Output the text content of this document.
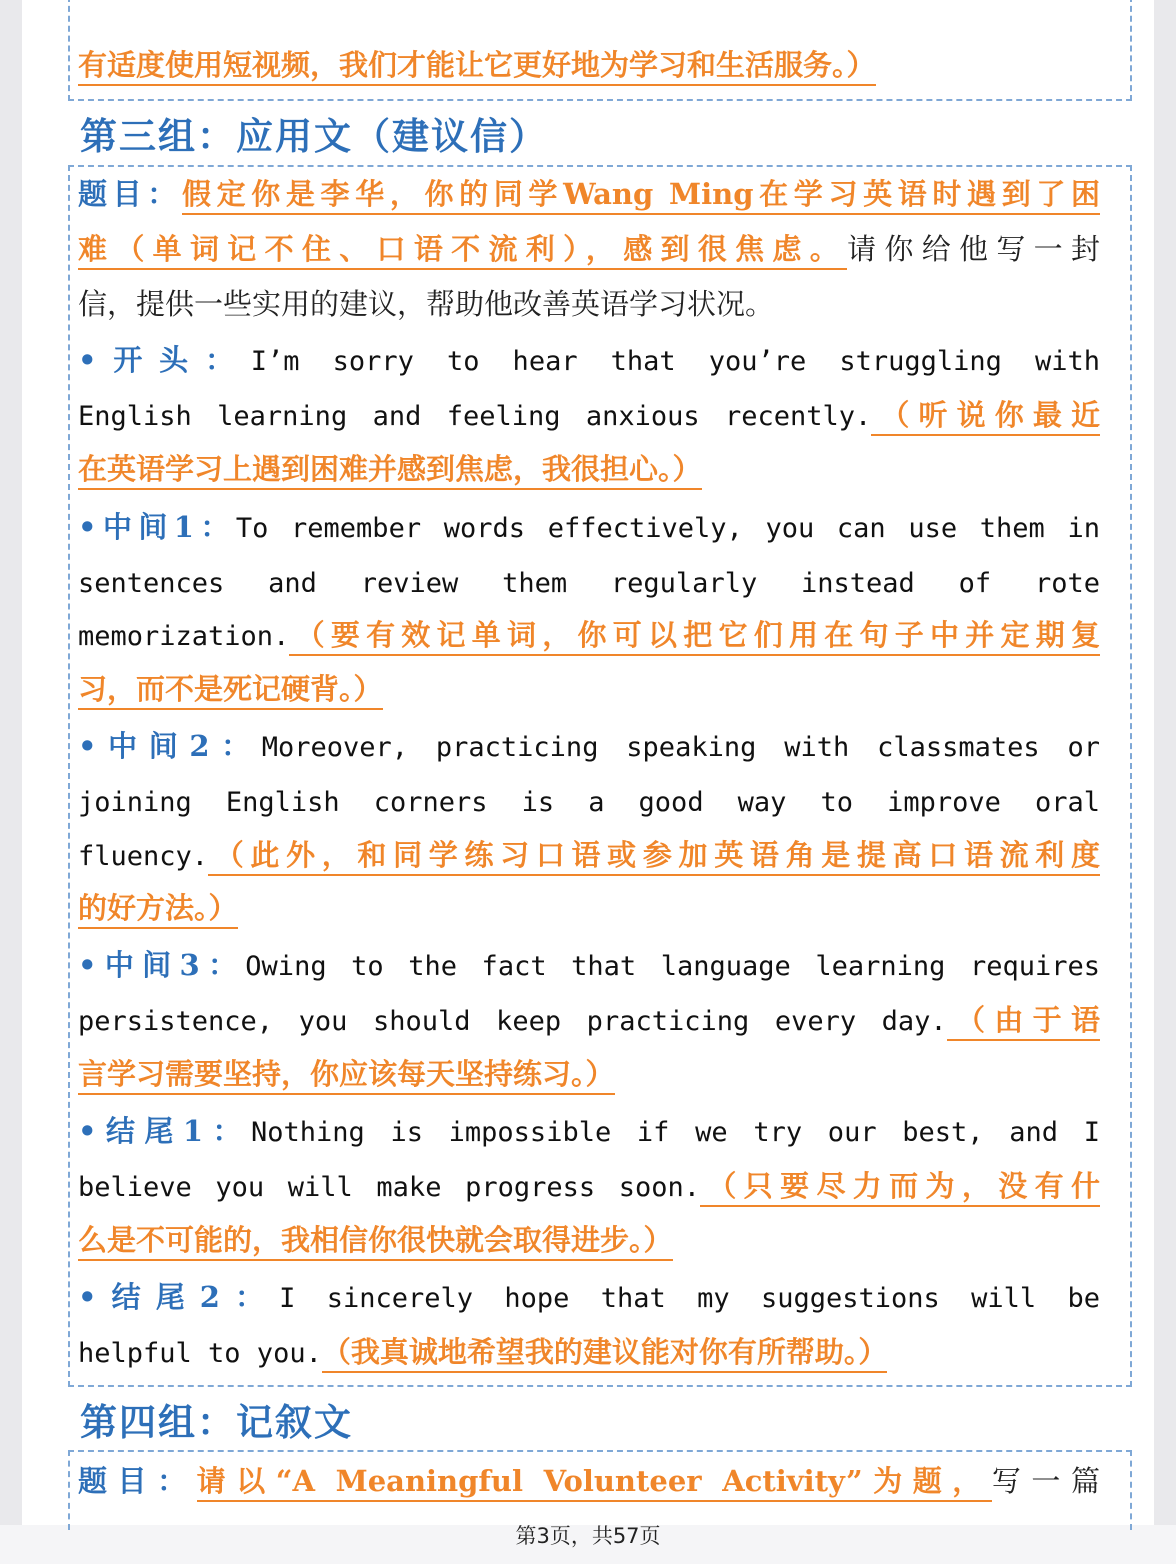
有适度使用短视频，我们才能让它更好地为学习和生活服务。）
第三组：应用文（建议信）
题目：假定你是李华，你的同学Wang Ming在学习英语时遇到了困
难（单词记不住、口语不流利），感到很焦虑。请你给他写一封
信，提供一些实用的建议，帮助他改善英语学习状况。
•开头：I’m sorry to hear that you’re struggling with
English learning and feeling anxious recently.（听说你最近
在英语学习上遇到困难并感到焦虑，我很担心。）
•中间1：To remember words effectively, you can use them in
sentences and review them regularly instead of rote
memorization.（要有效记单词，你可以把它们用在句子中并定期复
习，而不是死记硬背。）
•中间2：Moreover, practicing speaking with classmates or
joining English corners is a good way to improve oral
fluency.（此外，和同学练习口语或参加英语角是提高口语流利度
的好方法。）
•中间3：Owing to the fact that language learning requires
persistence, you should keep practicing every day.（由于语
言学习需要坚持，你应该每天坚持练习。）
•结尾1：Nothing is impossible if we try our best, and I
believe you will make progress soon.（只要尽力而为，没有什
么是不可能的，我相信你很快就会取得进步。）
•结尾2：I sincerely hope that my suggestions will be
helpful to you.（我真诚地希望我的建议能对你有所帮助。）
第四组：记叙文
题目：请以“A Meaningful Volunteer Activity”为题，写一篇
第3页，共57页
